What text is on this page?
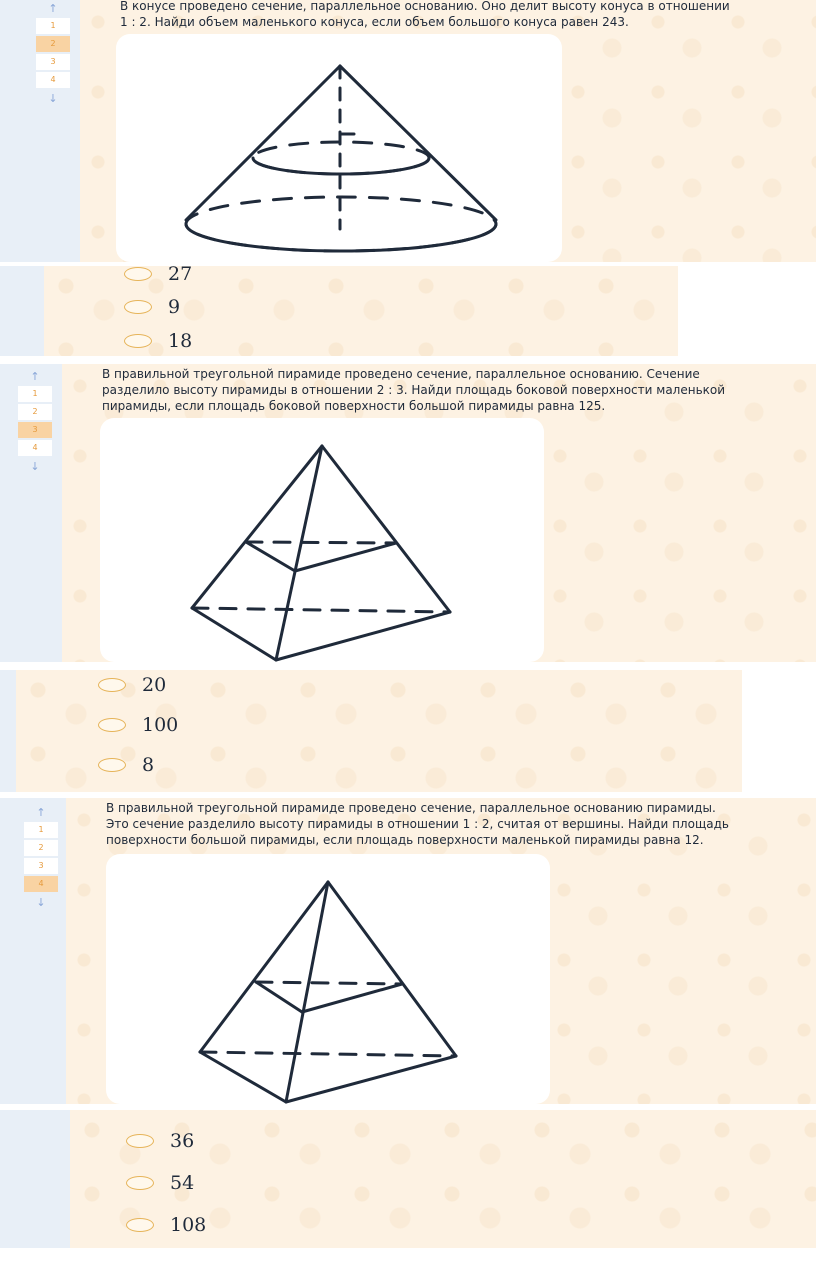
↑
1
2
3
4
↓
В конусе проведено сечение, параллельное основанию. Оно делит высоту конуса в отношении
1 : 2. Найди объем маленького конуса, если объем большого конуса равен 243.
27
9
18
↑
1
2
3
4
↓
В правильной треугольной пирамиде проведено сечение, параллельное основанию. Сечение
разделило высоту пирамиды в отношении 2 : 3. Найди площадь боковой поверхности маленькой
пирамиды, если площадь боковой поверхности большой пирамиды равна 125.
20
100
8
↑
1
2
3
4
↓
В правильной треугольной пирамиде проведено сечение, параллельное основанию пирамиды.
Это сечение разделило высоту пирамиды в отношении 1 : 2, считая от вершины. Найди площадь
поверхности большой пирамиды, если площадь поверхности маленькой пирамиды равна 12.
36
54
108
